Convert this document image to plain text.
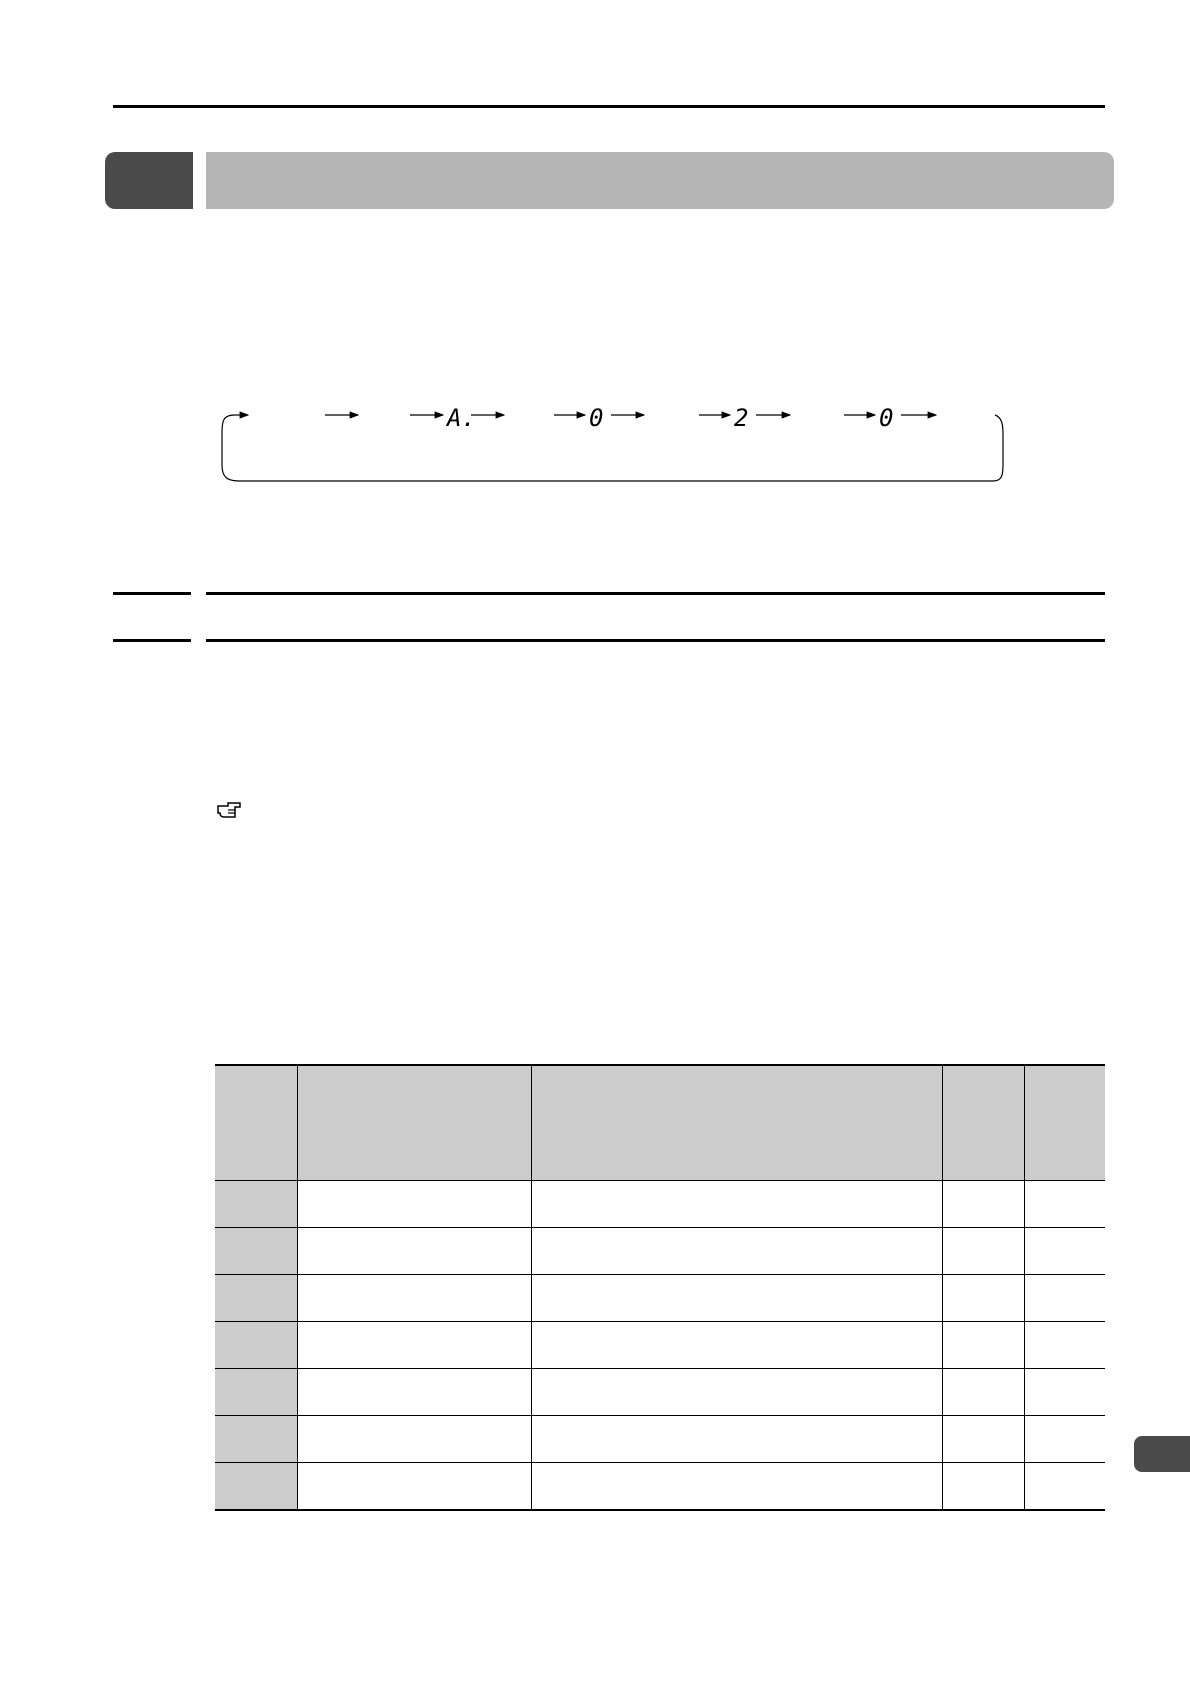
A.	0	2	0
